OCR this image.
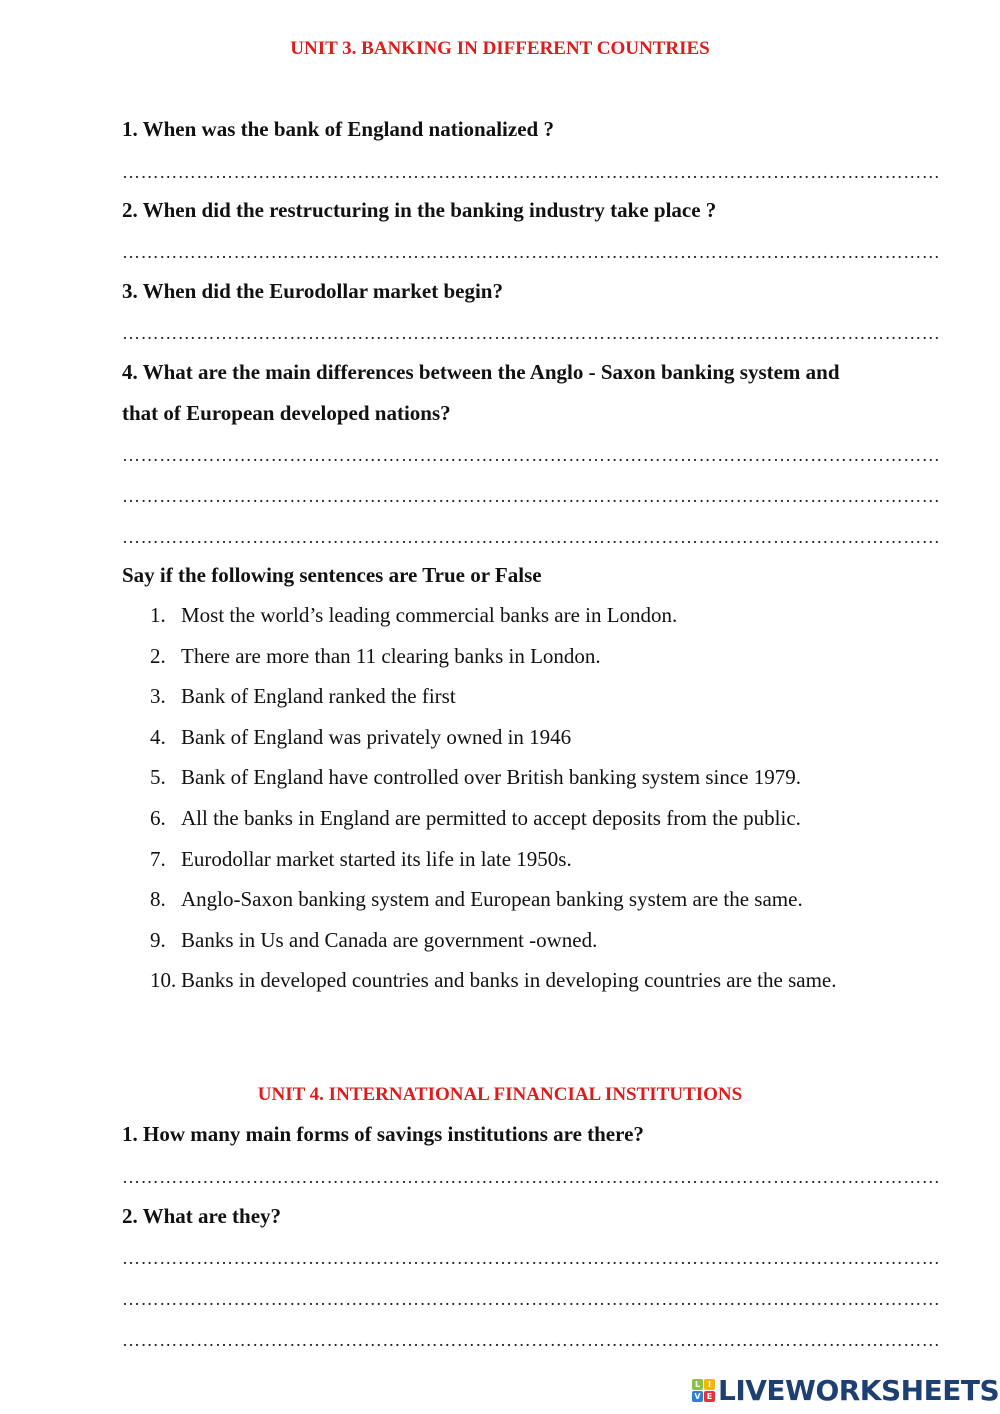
UNIT 3. BANKING IN DIFFERENT COUNTRIES
1. When was the bank of England nationalized ?
……………………………………………………………………………………………………………………
2. When did the restructuring in the banking industry take place ?
……………………………………………………………………………………………………………………
3. When did the Eurodollar market begin?
……………………………………………………………………………………………………………………
4. What are the main differences between the Anglo - Saxon banking system and
that of European developed nations?
……………………………………………………………………………………………………………………
……………………………………………………………………………………………………………………
……………………………………………………………………………………………………………………
Say if the following sentences are True or False
1. Most the world’s leading commercial banks are in London.
2. There are more than 11 clearing banks in London.
3. Bank of England ranked the first
4. Bank of England was privately owned in 1946
5. Bank of England have controlled over British banking system since 1979.
6. All the banks in England are permitted to accept deposits from the public.
7. Eurodollar market started its life in late 1950s.
8. Anglo-Saxon banking system and European banking system are the same.
9. Banks in Us and Canada are government -owned.
10. Banks in developed countries and banks in developing countries are the same.
UNIT 4. INTERNATIONAL FINANCIAL INSTITUTIONS
1. How many main forms of savings institutions are there?
……………………………………………………………………………………………………………………
2. What are they?
……………………………………………………………………………………………………………………
……………………………………………………………………………………………………………………
……………………………………………………………………………………………………………………
L I
V E LIVEWORKSHEETS
